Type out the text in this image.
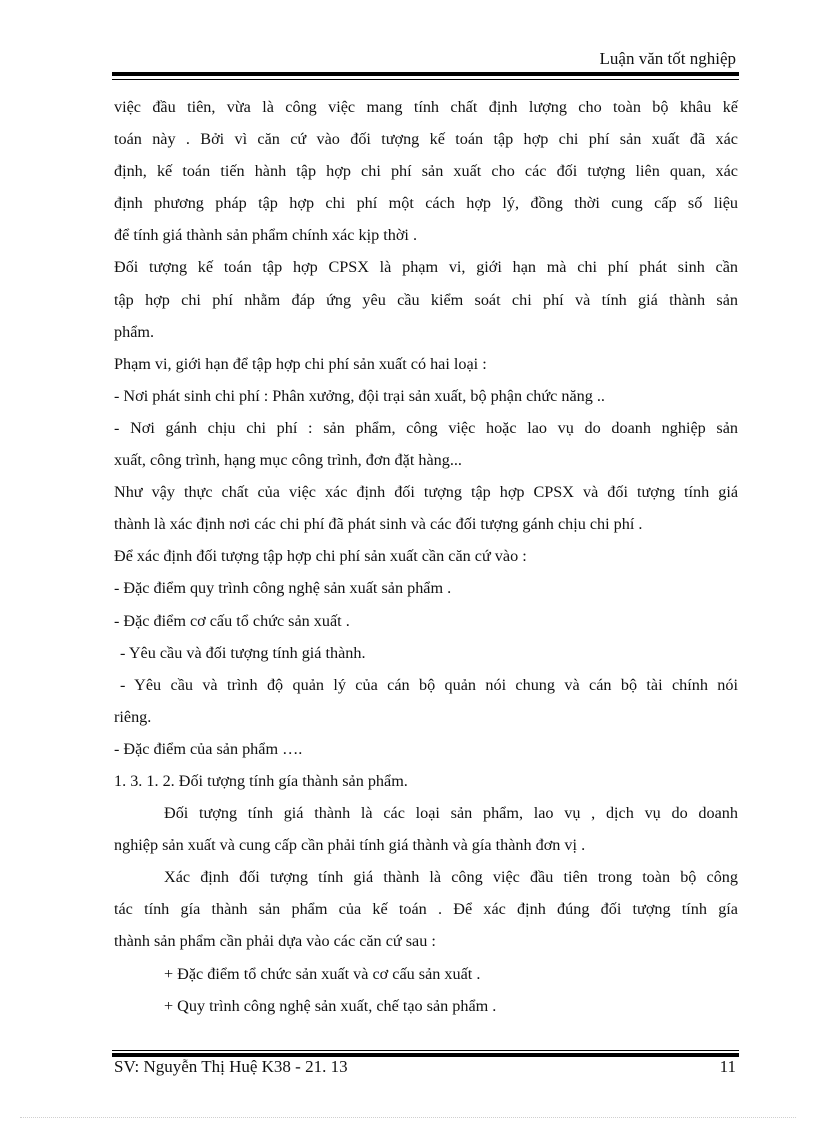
Luận văn tốt nghiệp

việc đầu tiên, vừa là công việc mang tính chất định lượng cho toàn bộ khâu kế

toán này . Bởi vì căn cứ vào đối tượng kế toán tập hợp chi phí sản xuất đã xác

định, kế toán tiến hành tập hợp chi phí sản xuất cho các đối tượng liên quan, xác

định phương pháp tập hợp chi phí một cách hợp lý, đồng thời cung cấp số liệu

để tính giá thành sản phẩm chính xác kịp thời .

Đối tượng kế toán tập hợp CPSX là phạm vi, giới hạn mà chi phí phát sinh cần

tập hợp chi phí nhằm đáp ứng yêu cầu kiểm soát chi phí và tính giá thành sản

phẩm.

Phạm vi, giới hạn để tập hợp chi phí sản xuất có hai loại :

- Nơi phát sinh chi phí : Phân xưởng, đội trại sản xuất, bộ phận chức năng ..

- Nơi gánh chịu chi phí : sản phẩm, công việc hoặc lao vụ do doanh nghiệp sản

xuất, công trình, hạng mục công trình, đơn đặt hàng...

Như vậy thực chất của việc xác định đối tượng tập hợp CPSX và đối tượng tính giá

thành là xác định nơi các chi phí đã phát sinh và các đối tượng gánh chịu chi phí .

Để xác định đối tượng tập hợp chi phí sản xuất cần căn cứ vào :

- Đặc điểm quy trình công nghệ sản xuất sản phẩm .

- Đặc điểm cơ cấu tổ chức sản xuất .

- Yêu cầu và đối tượng tính giá thành.

- Yêu cầu và trình độ quản lý của cán bộ quản nói chung và cán bộ tài chính nói

riêng.

- Đặc điểm của sản phẩm ….

1. 3. 1. 2. Đối tượng tính gía thành sản phẩm.

Đối tượng tính giá thành là các loại sản phẩm, lao vụ , dịch vụ do doanh

nghiệp sản xuất và cung cấp cần phải tính giá thành và gía thành đơn vị .

Xác định đối tượng tính giá thành là công việc đầu tiên trong toàn bộ công

tác tính gía thành sản phẩm của kế toán . Để xác định đúng đối tượng tính gía

thành sản phẩm cần phải dựa vào các căn cứ sau :

+ Đặc điểm tổ chức sản xuất và cơ cấu sản xuất .

+ Quy trình công nghệ sản xuất, chế tạo sản phẩm .

SV: Nguyễn Thị Huệ K38 - 21. 13	11
